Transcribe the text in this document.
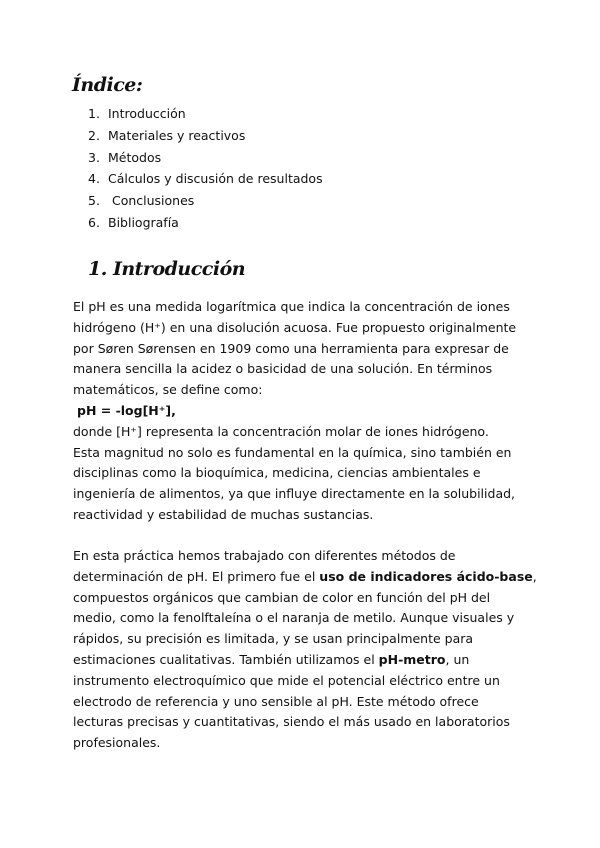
Índice:
1. Introducción
2. Materiales y reactivos
3. Métodos
4. Cálculos y discusión de resultados
5. Conclusiones
6. Bibliografía
1. Introducción

El pH es una medida logarítmica que indica la concentración de iones
hidrógeno (H⁺) en una disolución acuosa. Fue propuesto originalmente
por Søren Sørensen en 1909 como una herramienta para expresar de
manera sencilla la acidez o basicidad de una solución. En términos
matemáticos, se define como:
pH = -log[H⁺],
donde [H⁺] representa la concentración molar de iones hidrógeno.
Esta magnitud no solo es fundamental en la química, sino también en
disciplinas como la bioquímica, medicina, ciencias ambientales e
ingeniería de alimentos, ya que influye directamente en la solubilidad,
reactividad y estabilidad de muchas sustancias.

En esta práctica hemos trabajado con diferentes métodos de
determinación de pH. El primero fue el uso de indicadores ácido-base,
compuestos orgánicos que cambian de color en función del pH del
medio, como la fenolftaleína o el naranja de metilo. Aunque visuales y
rápidos, su precisión es limitada, y se usan principalmente para
estimaciones cualitativas. También utilizamos el pH-metro, un
instrumento electroquímico que mide el potencial eléctrico entre un
electrodo de referencia y uno sensible al pH. Este método ofrece
lecturas precisas y cuantitativas, siendo el más usado en laboratorios
profesionales.
